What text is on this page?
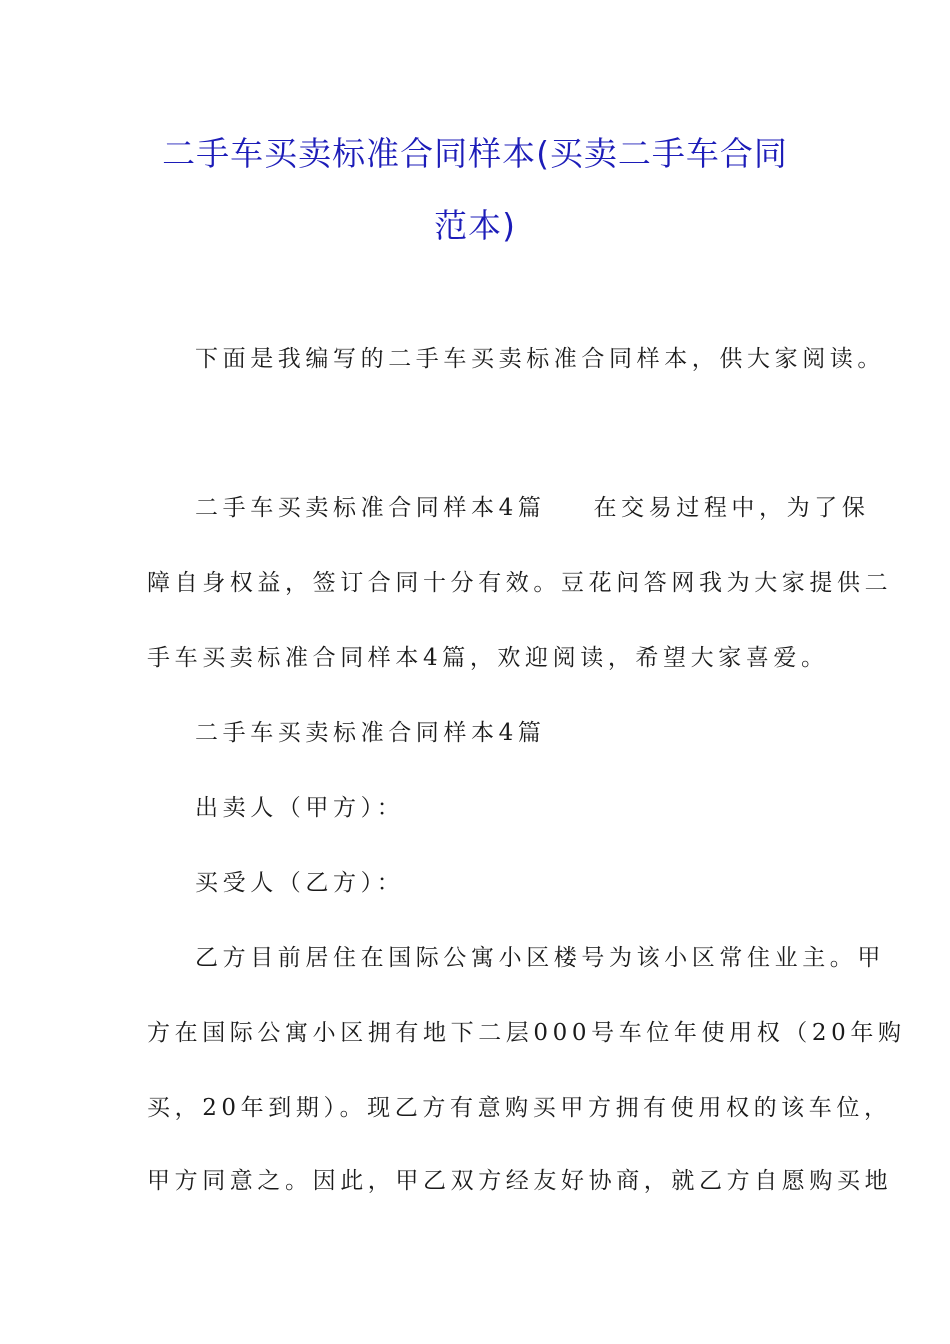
二手车买卖标准合同样本(买卖二手车合同
范本)
下面是我编写的二手车买卖标准合同样本，供大家阅读。
二手车买卖标准合同样本4篇 在交易过程中，为了保
障自身权益，签订合同十分有效。豆花问答网我为大家提供二
手车买卖标准合同样本4篇，欢迎阅读，希望大家喜爱。
二手车买卖标准合同样本4篇
出卖人（甲方）：
买受人（乙方）：
乙方目前居住在国际公寓小区楼号为该小区常住业主。甲
方在国际公寓小区拥有地下二层000号车位年使用权（20年购
买，20年到期）。现乙方有意购买甲方拥有使用权的该车位，
甲方同意之。因此，甲乙双方经友好协商，就乙方自愿购买地
